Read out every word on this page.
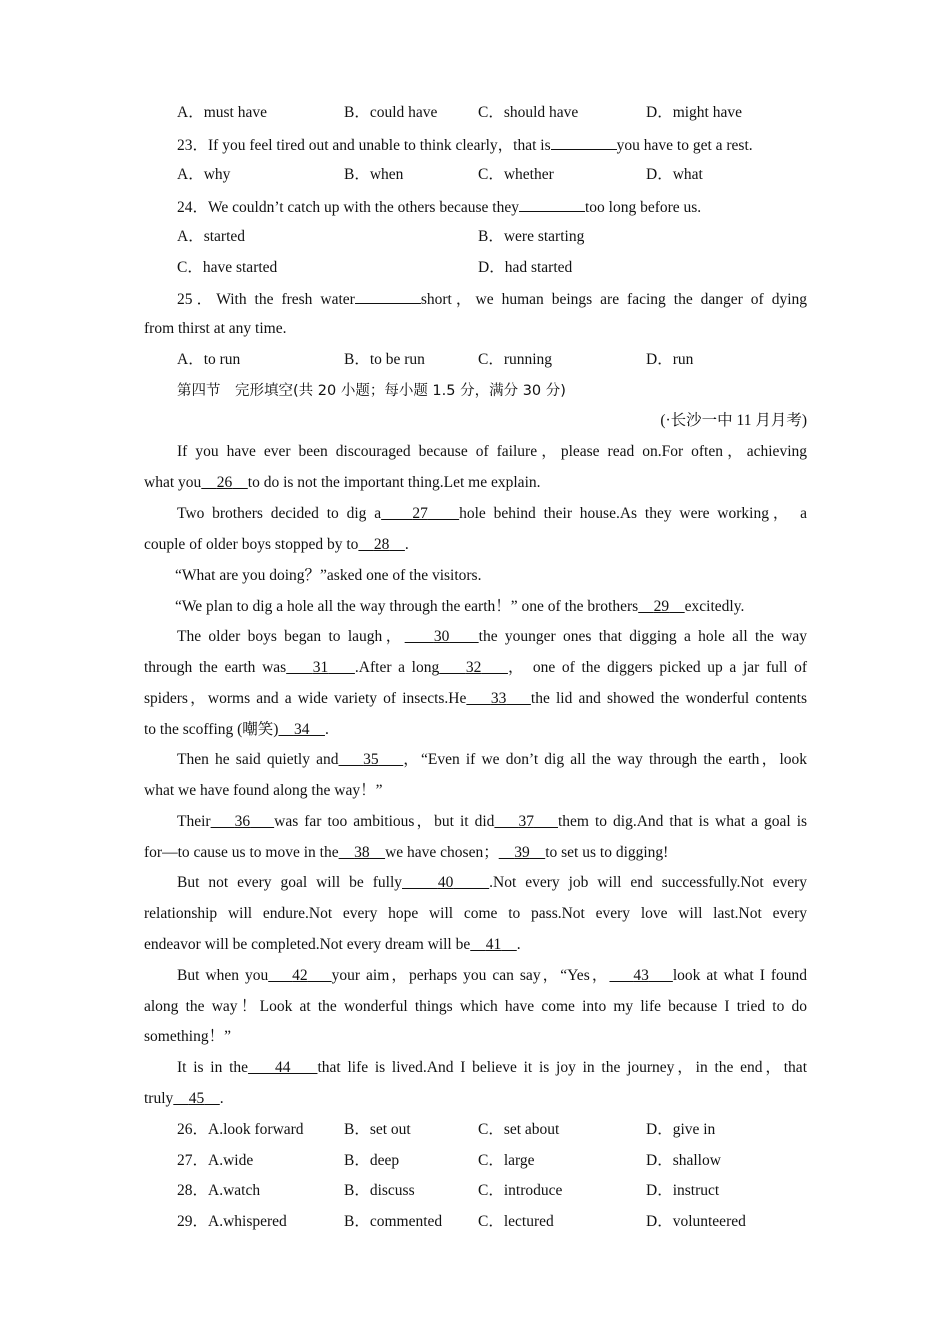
A．must have	B．could have	C．should have	D．might have
23．If you feel tired out and unable to think clearly，that is	you have to get a rest.
A．why	B．when	C．whether	D．what
24．We couldn’t catch up with the others because they	too long before us.
A．started	B．were starting
C．have started	D．had started
25．With the fresh water	short，we human beings are facing the danger of dying
from thirst at any time.
A．to run	B．to be run	C．running	D．run
第四节　完形填空(共 20 小题；每小题 1.5 分，满分 30 分)
(·长沙一中 11 月月考)
If you have ever been discouraged because of failure，please read on.For often，achieving
what you 26 to do is not the important thing.Let me explain.
Two brothers decided to dig a 27 hole behind their house.As they were working， a
couple of older boys stopped by to 28 .
“What are you doing？”asked one of the visitors.
“We plan to dig a hole all the way through the earth！” one of the brothers 29 excitedly.
The older boys began to laugh， 30 the younger ones that digging a hole all the way
through the earth was 31 .After a long 32 ， one of the diggers picked up a jar full of
spiders，worms and a wide variety of insects.He 33 the lid and showed the wonderful contents
to the scoffing (嘲笑) 34 .
Then he said quietly and 35 ，“Even if we don’t dig all the way through the earth，look
what we have found along the way！”
Their 36 was far too ambitious，but it did 37 them to dig.And that is what a goal is
for—to cause us to move in the 38 we have chosen； 39 to set us to digging!
But not every goal will be fully 40 .Not every job will end successfully.Not every
relationship will endure.Not every hope will come to pass.Not every love will last.Not every
endeavor will be completed.Not every dream will be 41 .
But when you 42 your aim，perhaps you can say，“Yes， 43 look at what I found
along the way！Look at the wonderful things which have come into my life because I tried to do
something！”
It is in the 44 that life is lived.And I believe it is joy in the journey，in the end，that
truly 45 .
26．A.look forward	B．set out	C．set about	D．give in
27．A.wide	B．deep	C．large	D．shallow
28．A.watch	B．discuss	C．introduce	D．instruct
29．A.whispered	B．commented C．lectured	D．volunteered
